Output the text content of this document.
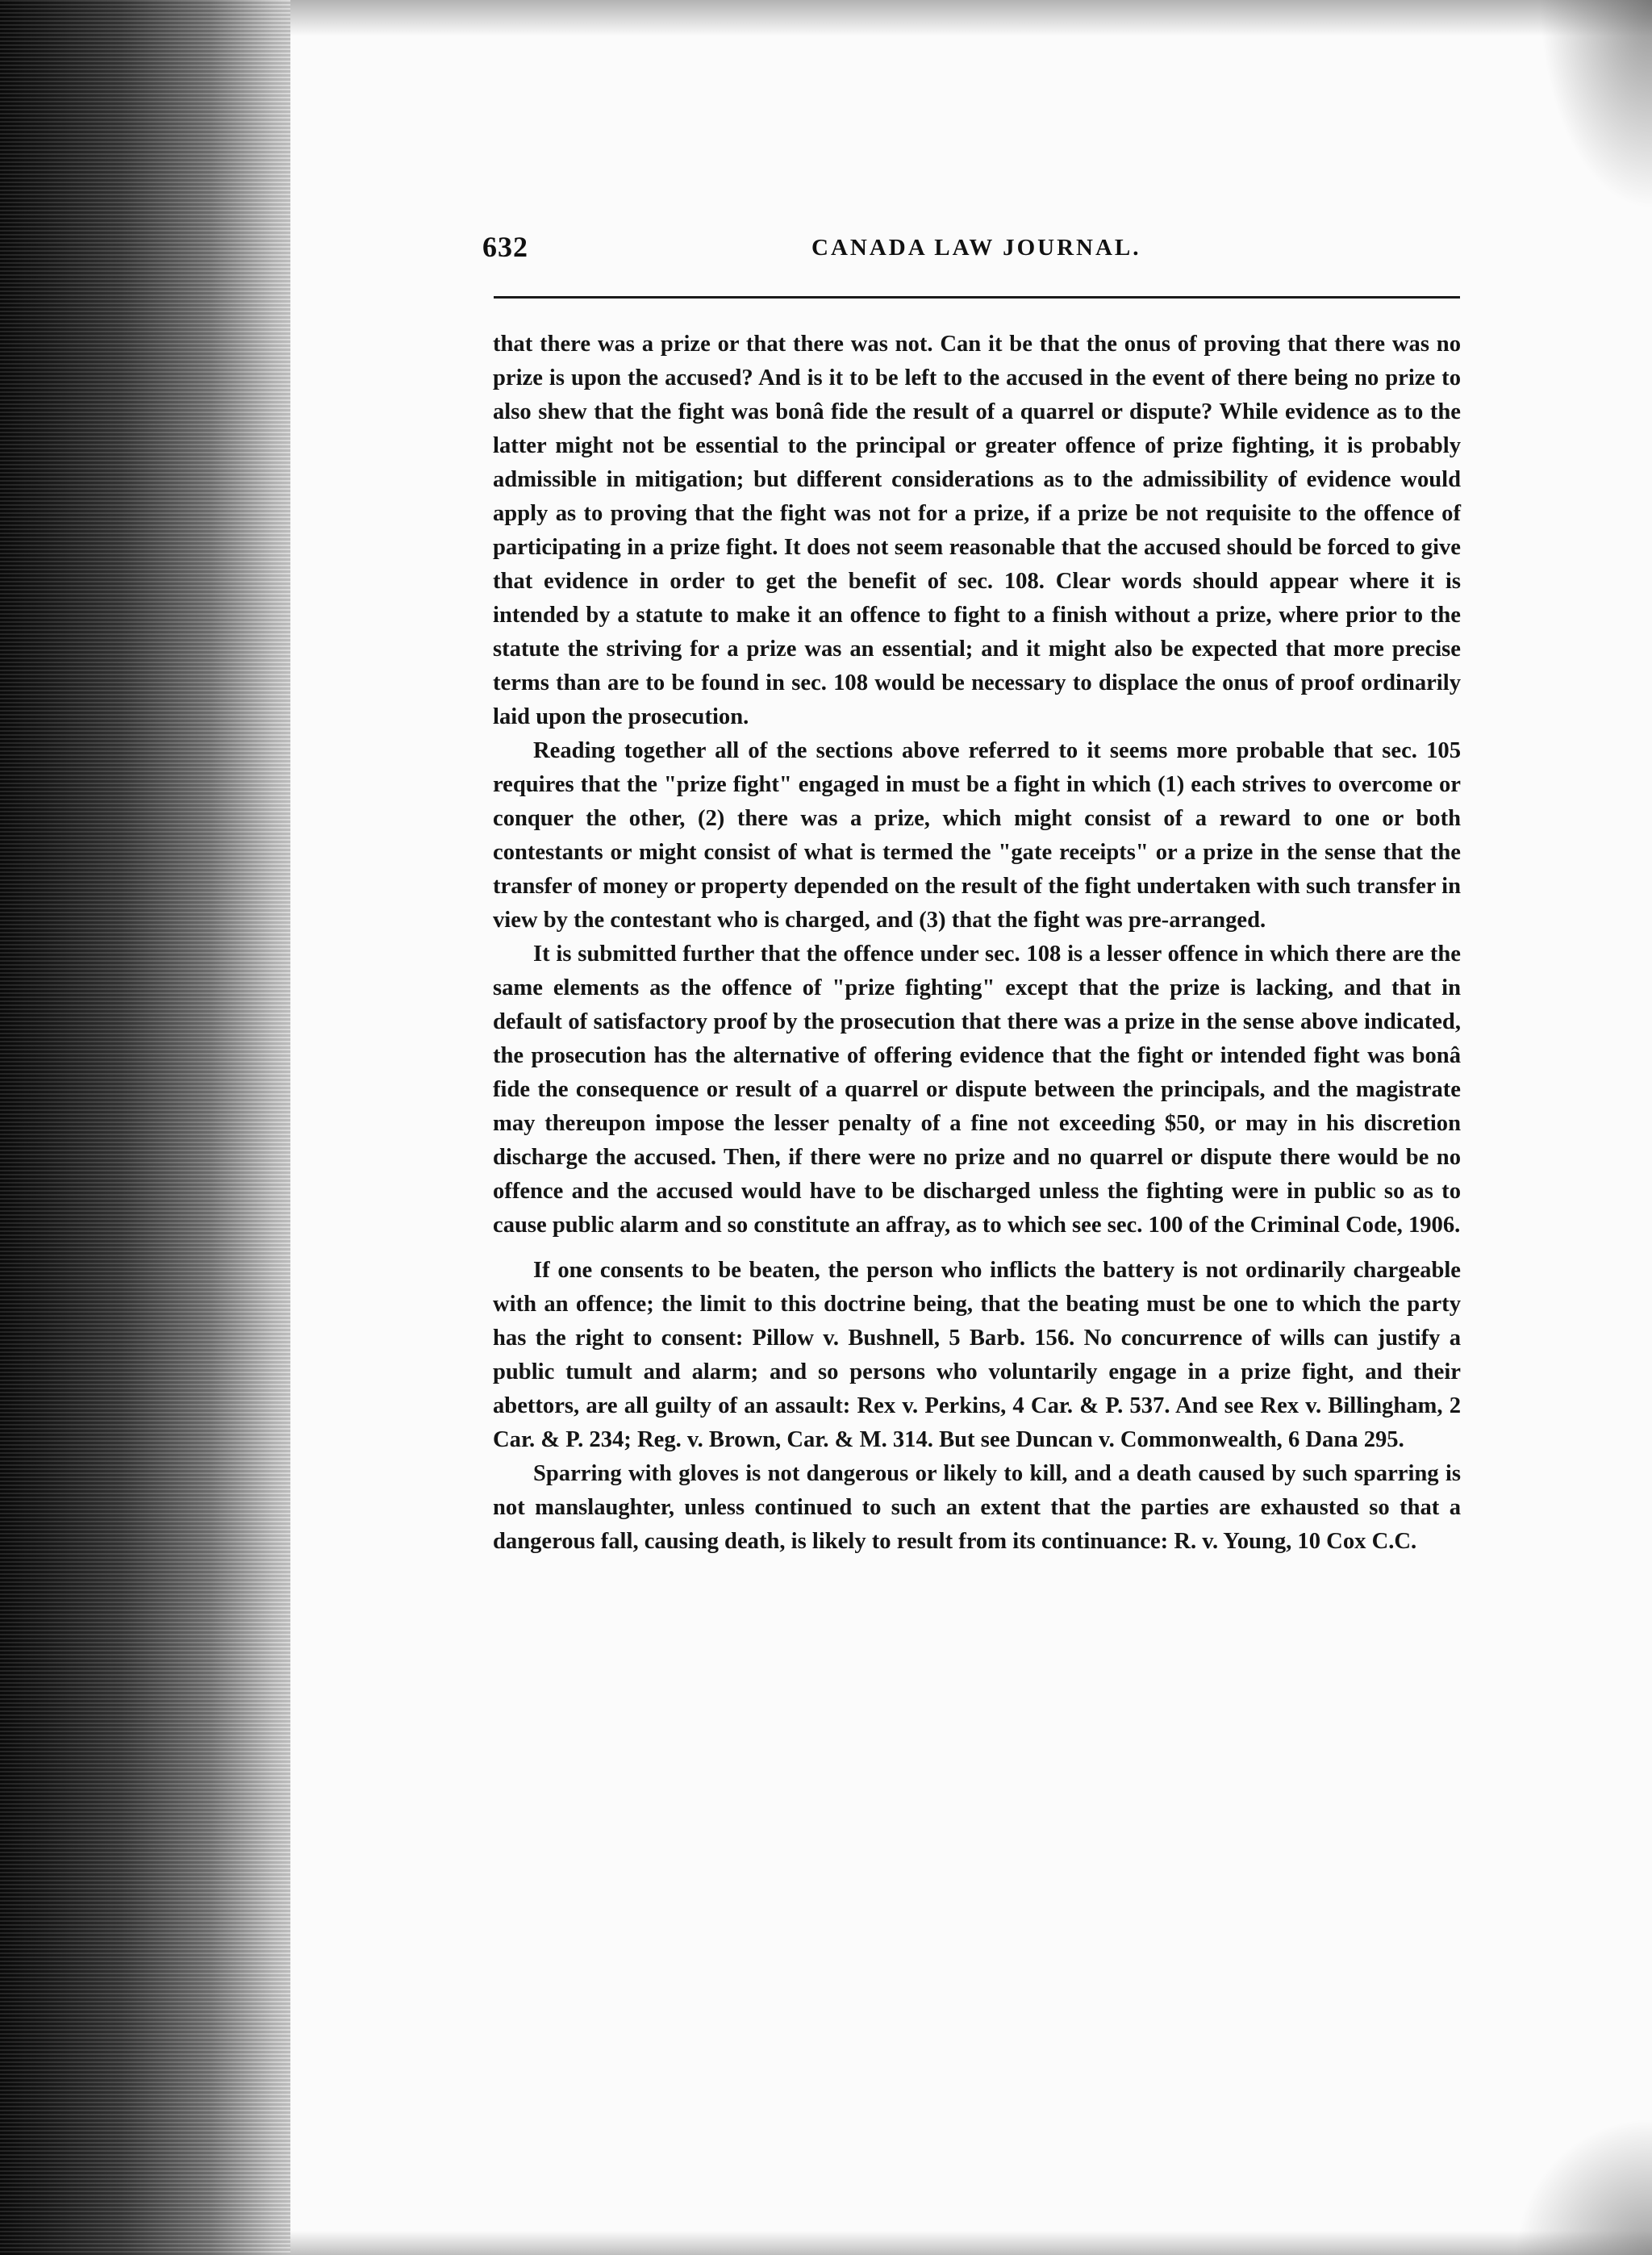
632	CANADA LAW JOURNAL.

that there was a prize or that there was not. Can it be that the onus of proving that there was no prize is upon the accused? And is it to be left to the accused in the event of there being no prize to also shew that the fight was bonâ fide the result of a quarrel or dispute? While evidence as to the latter might not be essential to the principal or greater offence of prize fighting, it is probably admissible in mitigation; but different considerations as to the admissibility of evidence would apply as to proving that the fight was not for a prize, if a prize be not requisite to the offence of participating in a prize fight. It does not seem reasonable that the accused should be forced to give that evidence in order to get the benefit of sec. 108. Clear words should appear where it is intended by a statute to make it an offence to fight to a finish without a prize, where prior to the statute the striving for a prize was an essential; and it might also be expected that more precise terms than are to be found in sec. 108 would be necessary to displace the onus of proof ordinarily laid upon the prosecution.

Reading together all of the sections above referred to it seems more probable that sec. 105 requires that the "prize fight" engaged in must be a fight in which (1) each strives to overcome or conquer the other, (2) there was a prize, which might consist of a reward to one or both contestants or might consist of what is termed the "gate receipts" or a prize in the sense that the transfer of money or property depended on the result of the fight undertaken with such transfer in view by the contestant who is charged, and (3) that the fight was pre-arranged.

It is submitted further that the offence under sec. 108 is a lesser offence in which there are the same elements as the offence of "prize fighting" except that the prize is lacking, and that in default of satisfactory proof by the prosecution that there was a prize in the sense above indicated, the prosecution has the alternative of offering evidence that the fight or intended fight was bonâ fide the consequence or result of a quarrel or dispute between the principals, and the magistrate may thereupon impose the lesser penalty of a fine not exceeding $50, or may in his discretion discharge the accused. Then, if there were no prize and no quarrel or dispute there would be no offence and the accused would have to be discharged unless the fighting were in public so as to cause public alarm and so constitute an affray, as to which see sec. 100 of the Criminal Code, 1906.

If one consents to be beaten, the person who inflicts the battery is not ordinarily chargeable with an offence; the limit to this doctrine being, that the beating must be one to which the party has the right to consent: Pillow v. Bushnell, 5 Barb. 156. No concurrence of wills can justify a public tumult and alarm; and so persons who voluntarily engage in a prize fight, and their abettors, are all guilty of an assault: Rex v. Perkins, 4 Car. & P. 537. And see Rex v. Billingham, 2 Car. & P. 234; Reg. v. Brown, Car. & M. 314. But see Duncan v. Commonwealth, 6 Dana 295.

Sparring with gloves is not dangerous or likely to kill, and a death caused by such sparring is not manslaughter, unless continued to such an extent that the parties are exhausted so that a dangerous fall, causing death, is likely to result from its continuance: R. v. Young, 10 Cox C.C.
